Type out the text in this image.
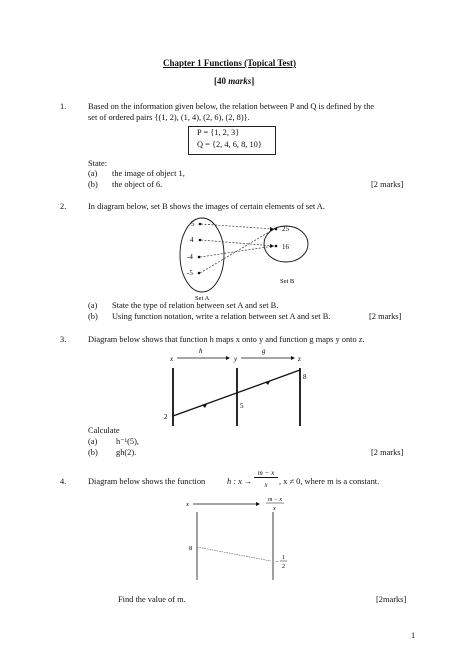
Chapter 1 Functions (Topical Test)
[40 marks]
1.	Based on the information given below, the relation between P and Q is defined by the
set of ordered pairs {(1, 2), (1, 4), (2, 6), (2, 8)}.
P = {1, 2, 3}
Q = {2, 4, 6, 8, 10}
State:
(a) the image of object 1,
(b) the object of 6.	[2 marks]
2.	In diagram below, set B shows the images of certain elements of set A.
5
4
-4
-5
25
16
Set A
Set B
(a) State the type of relation between set A and set B.
(b) Using function notation, write a relation between set A and set B.	[2 marks]
3.	Diagram below shows that function h maps x onto y and function g maps y onto z.
h	g
x	y	z
2
5
8
Calculate
(a) h⁻¹(5),
(b) gh(2).	[2 marks]
4.	Diagram below shows the function	h : x →
m − x
x	, x ≠ 0, where m is a constant.
x
m − x
x
8
−
1
2
Find the value of m.	[2marks]
1
